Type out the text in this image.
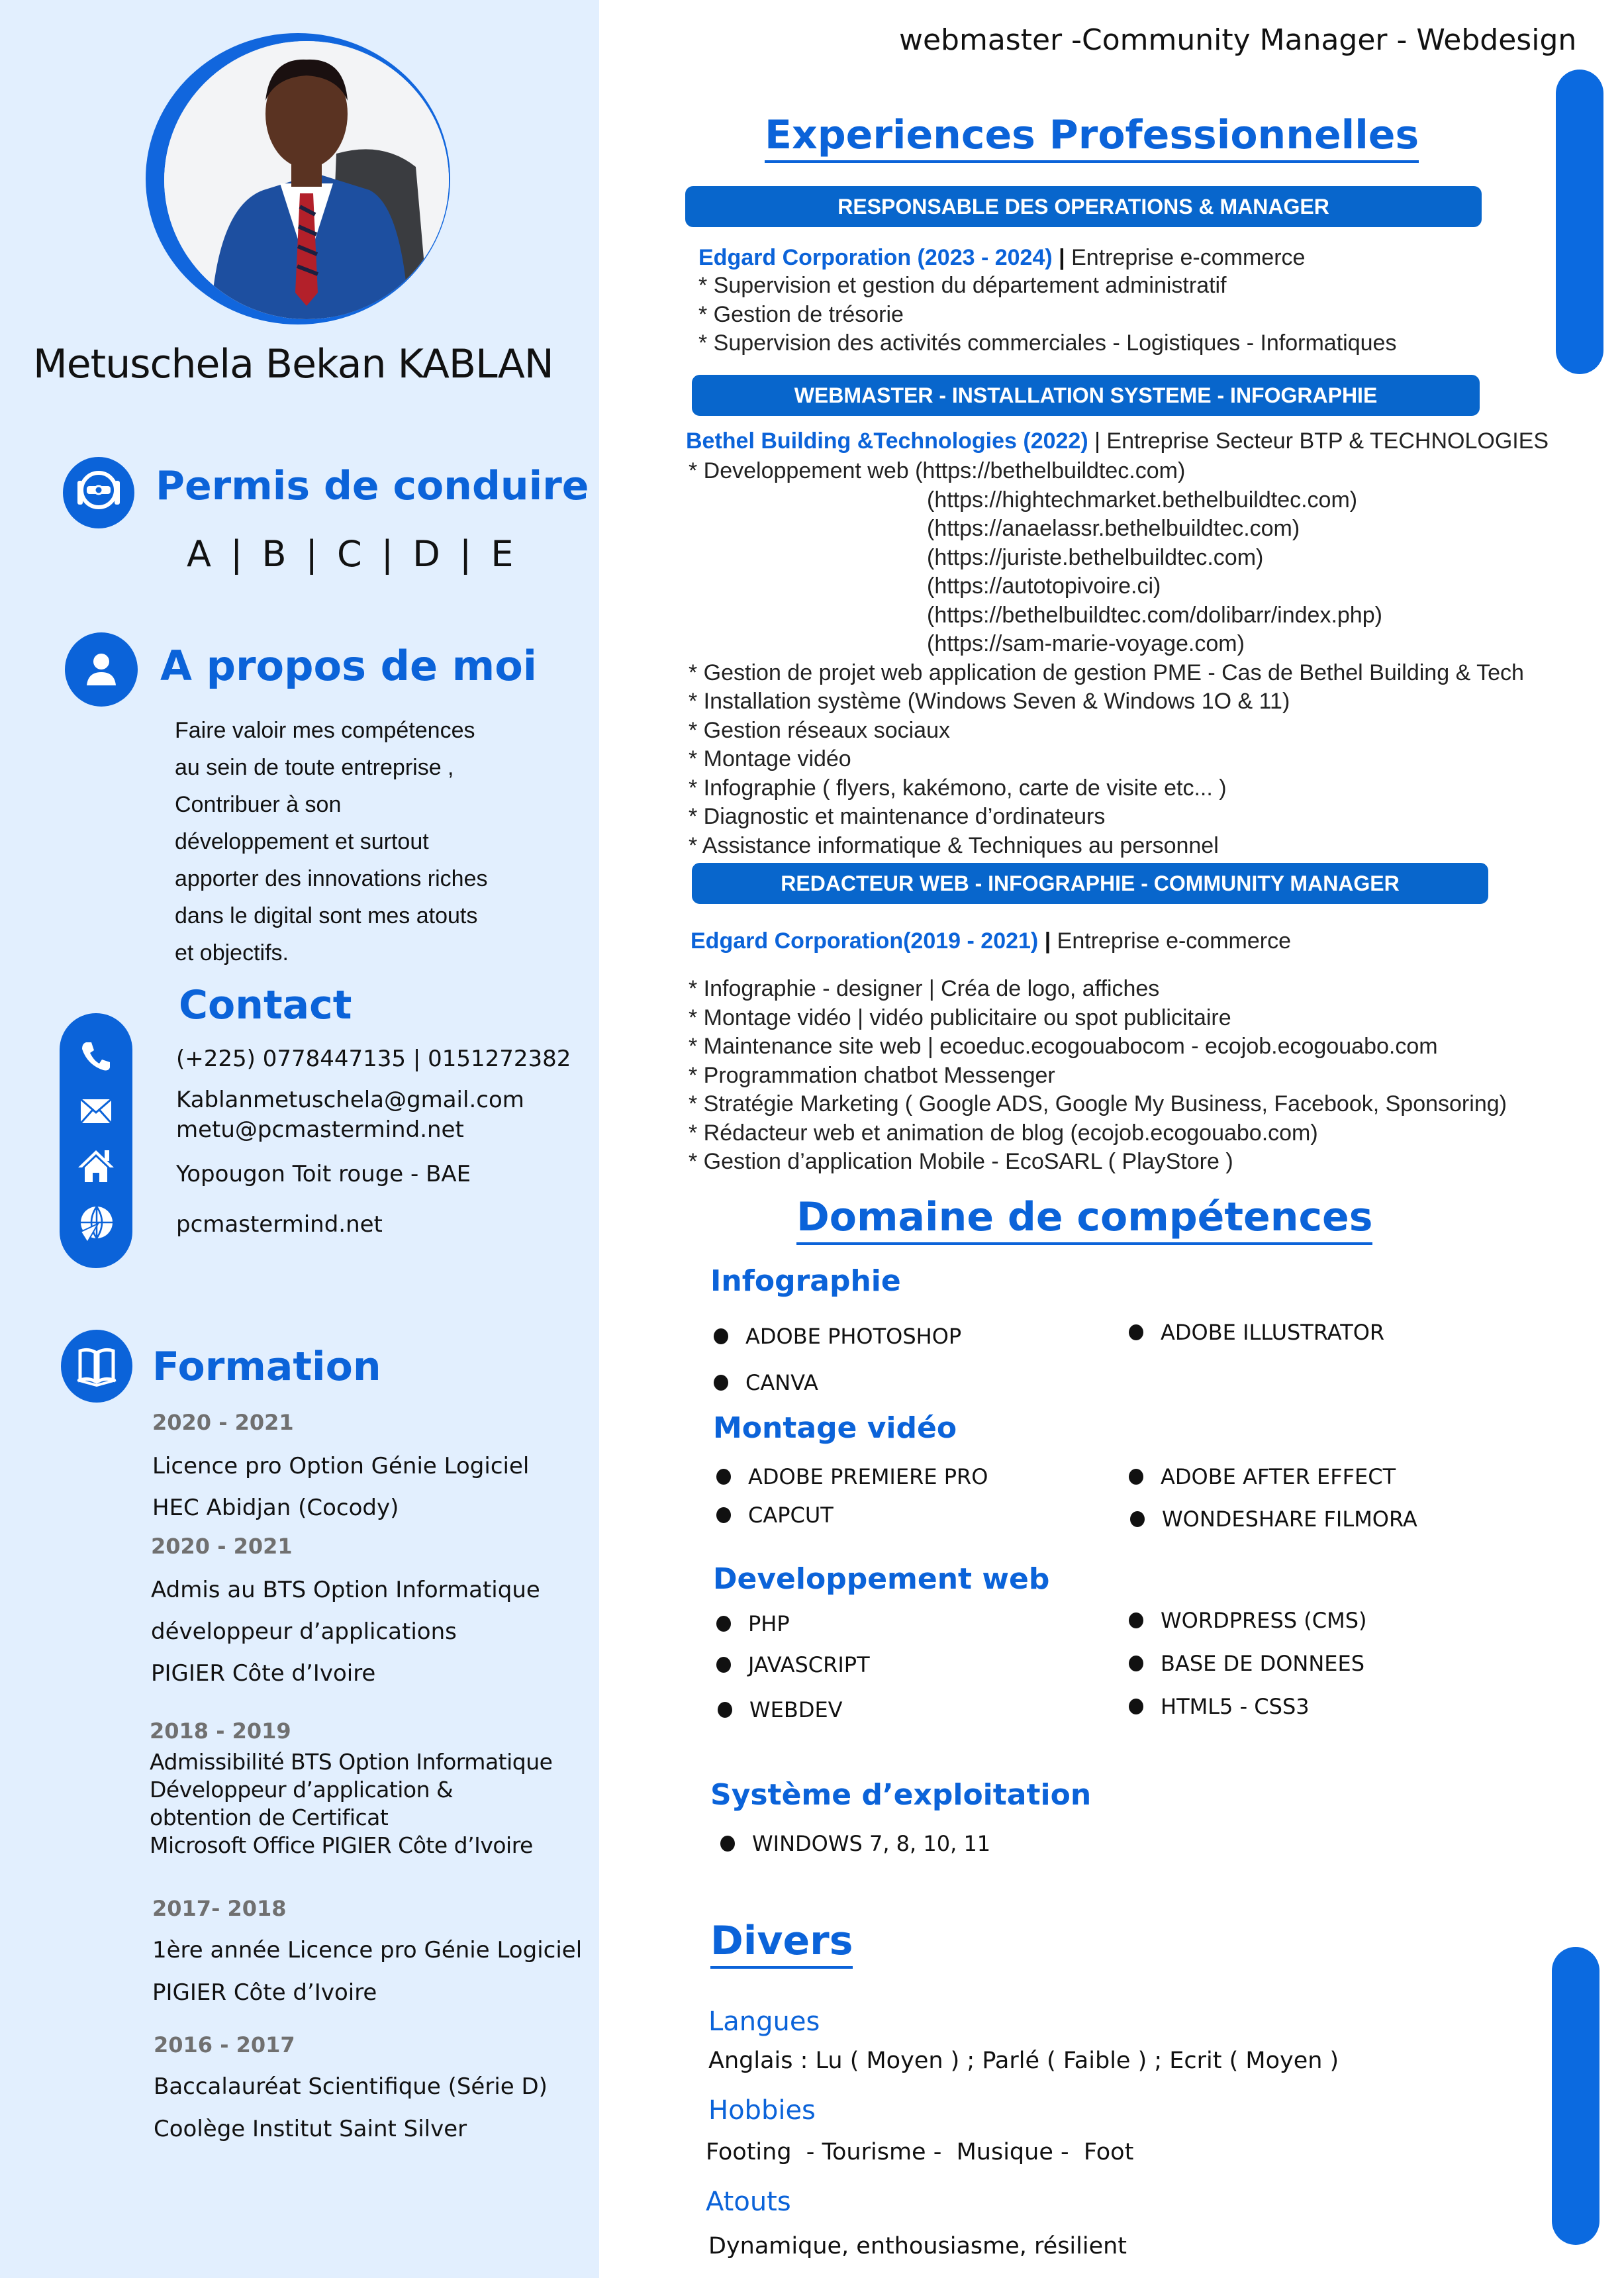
Metuschela Bekan KABLAN
Permis de conduire
A | B | C | D | E
A propos de moi

Faire valoir mes compétences

au sein de toute entreprise ,

Contribuer à son

développement et surtout

apporter des innovations riches

dans le digital sont mes atouts

et objectifs.

Contact
(+225) 0778447135 | 0151272382
Kablanmetuschela@gmail.com
metu@pcmastermind.net
Yopougon Toit rouge - BAE
pcmastermind.net
Formation
2020 - 2021
Licence pro Option Génie Logiciel
HEC Abidjan (Cocody)
2020 - 2021
Admis au BTS Option Informatique
développeur d’applications
PIGIER Côte d’Ivoire
2018 - 2019
Admissibilité BTS Option Informatique
Développeur d’application &
obtention de Certificat
Microsoft Office PIGIER Côte d’Ivoire
2017- 2018
1ère année Licence pro Génie Logiciel
PIGIER Côte d’Ivoire
2016 - 2017
Baccalauréat Scientifique (Série D)
Coolège Institut Saint Silver
webmaster -Community Manager - Webdesign
Experiences Professionnelles
RESPONSABLE DES OPERATIONS & MANAGER
Edgard Corporation (2023 - 2024) | Entreprise e-commerce
* Supervision et gestion du département administratif
* Gestion de trésorie
* Supervision des activités commerciales - Logistiques - Informatiques
WEBMASTER - INSTALLATION SYSTEME - INFOGRAPHIE
Bethel Building &Technologies (2022) | Entreprise Secteur BTP & TECHNOLOGIES
* Developpement web (https://bethelbuildtec.com)
(https://hightechmarket.bethelbuildtec.com)
(https://anaelassr.bethelbuildtec.com)
(https://juriste.bethelbuildtec.com)
(https://autotopivoire.ci)
(https://bethelbuildtec.com/dolibarr/index.php)
(https://sam-marie-voyage.com)
* Gestion de projet web application de gestion PME - Cas de Bethel Building & Tech
* Installation système (Windows Seven & Windows 1O & 11)
* Gestion réseaux sociaux
* Montage vidéo
* Infographie ( flyers, kakémono, carte de visite etc... )
* Diagnostic et maintenance d’ordinateurs
* Assistance informatique & Techniques au personnel
REDACTEUR WEB - INFOGRAPHIE - COMMUNITY MANAGER
Edgard Corporation(2019 - 2021) | Entreprise e-commerce
* Infographie - designer | Créa de logo, affiches
* Montage vidéo | vidéo publicitaire ou spot publicitaire
* Maintenance site web | ecoeduc.ecogouabocom - ecojob.ecogouabo.com
* Programmation chatbot Messenger
* Stratégie Marketing ( Google ADS, Google My Business, Facebook, Sponsoring)
* Rédacteur web et animation de blog (ecojob.ecogouabo.com)
* Gestion d’application Mobile - EcoSARL ( PlayStore )
Domaine de compétences
Infographie
ADOBE PHOTOSHOP	ADOBE ILLUSTRATOR
CANVA
Montage vidéo
ADOBE PREMIERE PRO	ADOBE AFTER EFFECT
CAPCUT	WONDESHARE FILMORA
Developpement web
PHP	WORDPRESS (CMS)
JAVASCRIPT	BASE DE DONNEES
WEBDEV	HTML5 - CSS3
Système d’exploitation
WINDOWS 7, 8, 10, 11
Divers
Langues
Anglais : Lu ( Moyen ) ; Parlé ( Faible ) ; Ecrit ( Moyen )
Hobbies
Footing  - Tourisme -  Musique -  Foot
Atouts
Dynamique, enthousiasme, résilient
